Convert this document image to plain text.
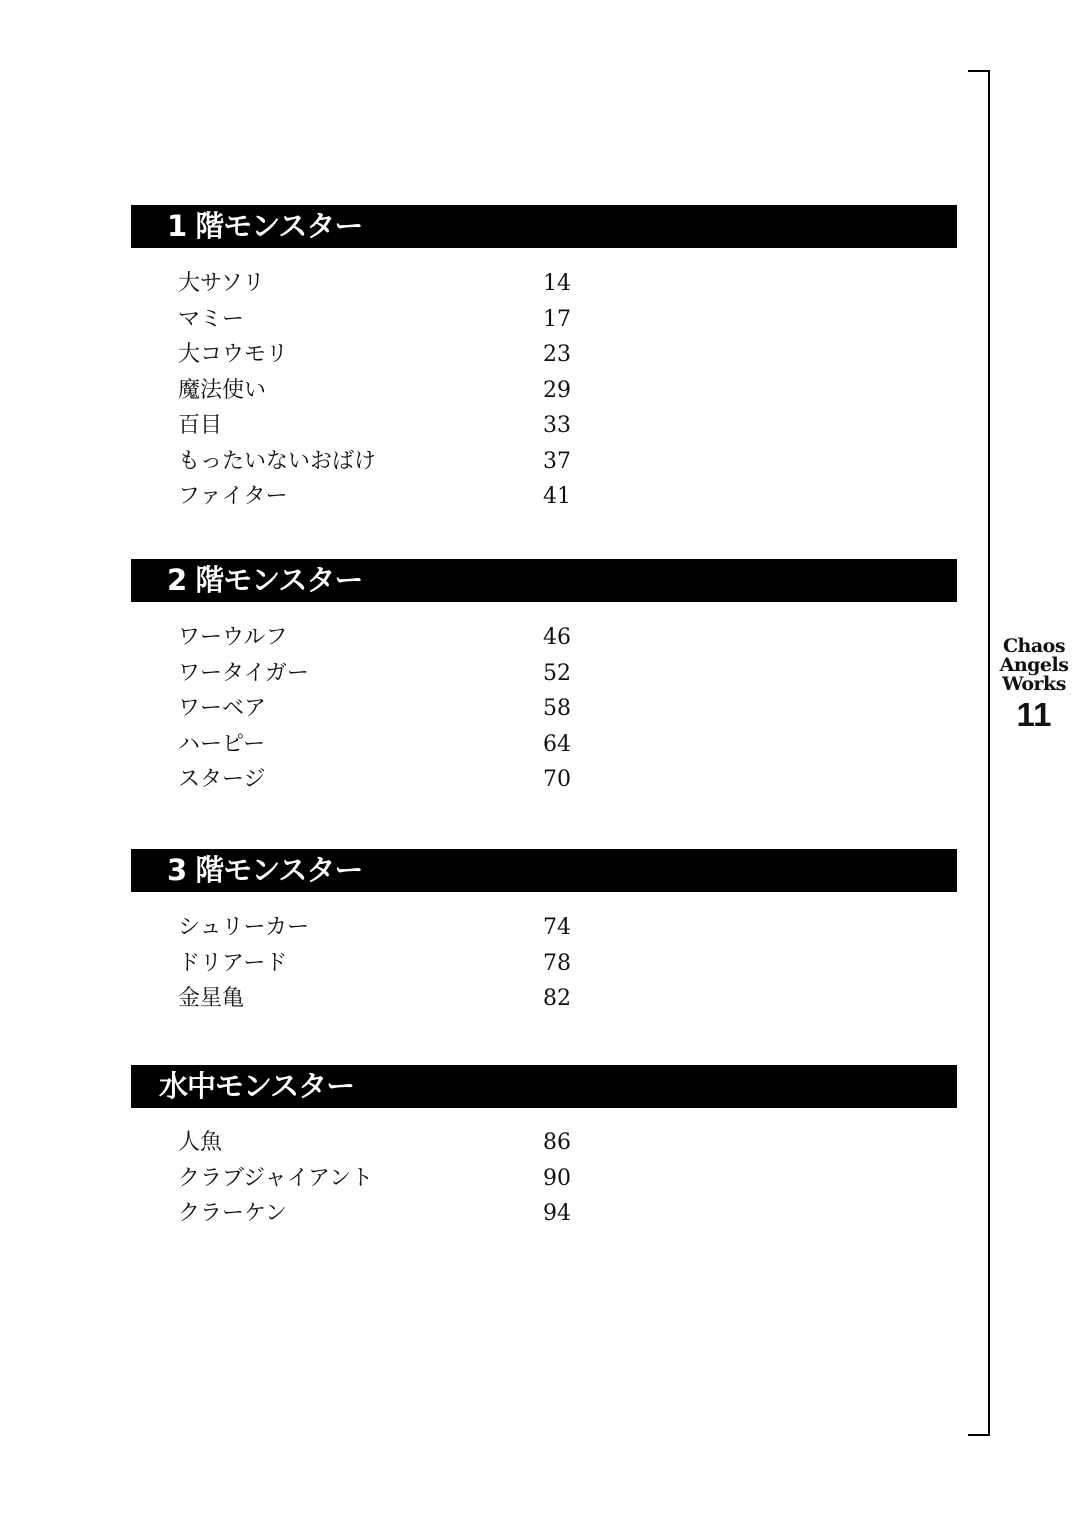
1 階モンスター
大サソリ	14
マミー	17
大コウモリ	23
魔法使い	29
百目	33
もったいないおばけ	37
ファイター	41
2 階モンスター
ワーウルフ	46
ワータイガー	52
ワーベア	58
ハーピー	64
スタージ	70
3 階モンスター
シュリーカー	74
ドリアード	78
金星亀	82
水中モンスター
人魚	86
クラブジャイアント	90
クラーケン	94
Chaos
Angels
Works
11
